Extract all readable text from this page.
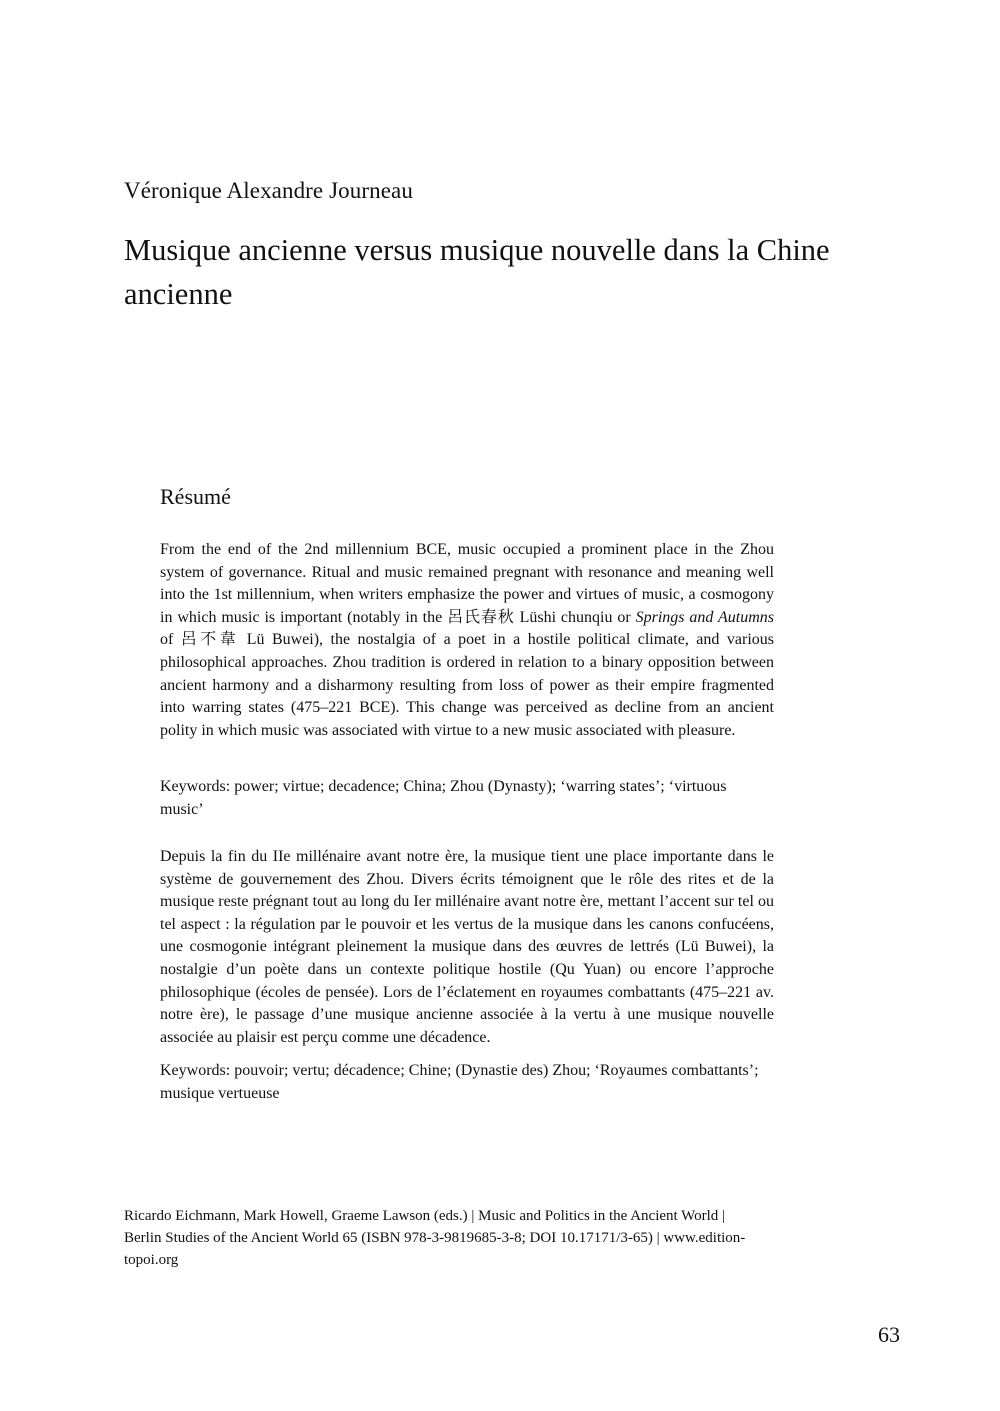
Véronique Alexandre Journeau
Musique ancienne versus musique nouvelle dans la Chine ancienne
Résumé

From the end of the 2nd millennium BCE, music occupied a prominent place in the Zhou system of governance. Ritual and music remained pregnant with resonance and meaning well into the 1st millennium, when writers emphasize the power and virtues of music, a cosmogony in which music is important (notably in the 呂氏春秋 Lüshi chunqiu or Springs and Autumns of 呂不韋 Lü Buwei), the nostalgia of a poet in a hostile political climate, and various philosophical approaches. Zhou tradition is ordered in relation to a binary opposition between ancient harmony and a disharmony resulting from loss of power as their empire fragmented into warring states (475–221 BCE). This change was perceived as decline from an ancient polity in which music was associated with virtue to a new music associated with pleasure.

Keywords: power; virtue; decadence; China; Zhou (Dynasty); ‘warring states’; ‘virtuous music’

Depuis la fin du IIe millénaire avant notre ère, la musique tient une place importante dans le système de gouvernement des Zhou. Divers écrits témoignent que le rôle des rites et de la musique reste prégnant tout au long du Ier millénaire avant notre ère, mettant l’accent sur tel ou tel aspect : la régulation par le pouvoir et les vertus de la musique dans les canons confucéens, une cosmogonie intégrant pleinement la musique dans des œuvres de lettrés (Lü Buwei), la nostalgie d’un poète dans un contexte politique hostile (Qu Yuan) ou encore l’approche philosophique (écoles de pensée). Lors de l’éclatement en royaumes combattants (475–221 av. notre ère), le passage d’une musique ancienne associée à la vertu à une musique nouvelle associée au plaisir est perçu comme une décadence.

Keywords: pouvoir; vertu; décadence; Chine; (Dynastie des) Zhou; ‘Royaumes combattants’; musique vertueuse

Ricardo Eichmann, Mark Howell, Graeme Lawson (eds.) | Music and Politics in the Ancient World | Berlin Studies of the Ancient World 65 (ISBN 978-3-9819685-3-8; DOI 10.17171/3-65) | www.edition-topoi.org

63
